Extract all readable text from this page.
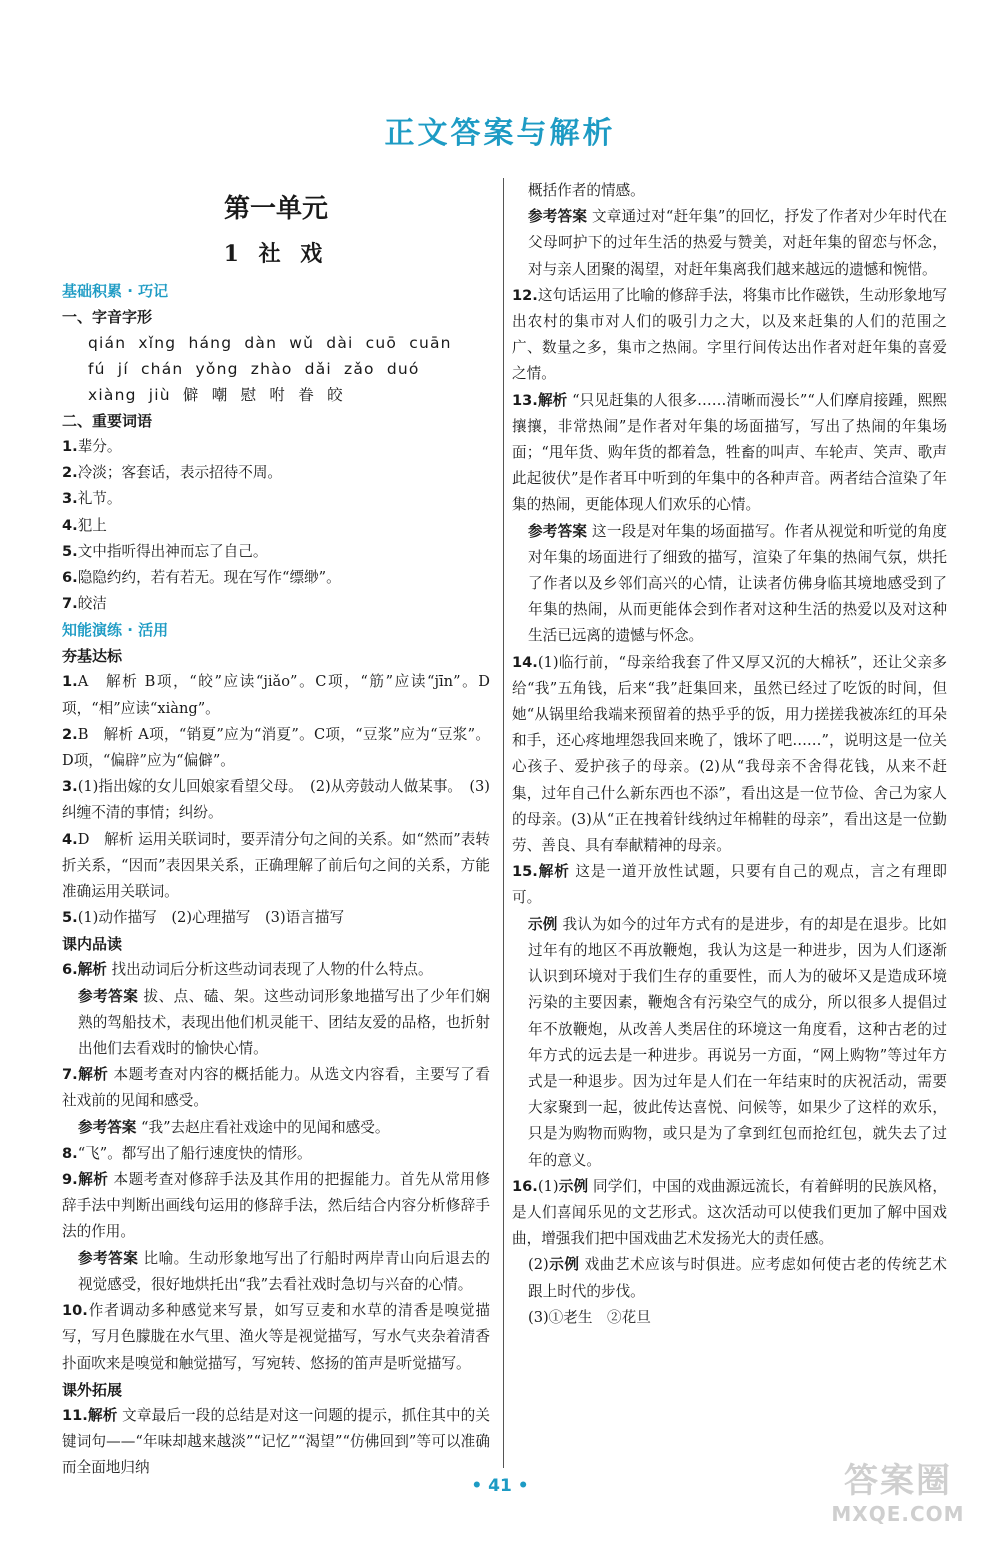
正文答案与解析
第一单元
1 社 戏
基础积累 · 巧记
一、字音字形
qián xǐng háng dàn wǔ dài cuō cuān
fú jí chán yǒng zhào dǎi zǎo duó
xiàng jiù 僻 嘲 慰 咐 眷 皎
二、重要词语
1.辈分。
2.冷淡；客套话，表示招待不周。
3.礼节。
4.犯上
5.文中指听得出神而忘了自己。
6.隐隐约约，若有若无。现在写作“缥缈”。
7.皎洁
知能演练 · 活用
夯基达标
1.A　解析 B项，“皎”应读“jiǎo”。C项，“筋”应读“jīn”。D项，“相”应读“xiàng”。
2.B　解析 A项，“销夏”应为“消夏”。C项，“豆浆”应为“豆浆”。D项，“偏辟”应为“偏僻”。
3.(1)指出嫁的女儿回娘家看望父母。　(2)从旁鼓动人做某事。　(3)纠缠不清的事情；纠纷。
4.D　解析 运用关联词时，要弄清分句之间的关系。如“然而”表转折关系，“因而”表因果关系，正确理解了前后句之间的关系，方能准确运用关联词。
5.(1)动作描写　(2)心理描写　(3)语言描写
课内品读
6.解析 找出动词后分析这些动词表现了人物的什么特点。
参考答案 拔、点、磕、架。这些动词形象地描写出了少年们娴熟的驾船技术，表现出他们机灵能干、团结友爱的品格，也折射出他们去看戏时的愉快心情。
7.解析 本题考查对内容的概括能力。从选文内容看，主要写了看社戏前的见闻和感受。
参考答案 “我”去赵庄看社戏途中的见闻和感受。
8.“飞”。都写出了船行速度快的情形。
9.解析 本题考查对修辞手法及其作用的把握能力。首先从常用修辞手法中判断出画线句运用的修辞手法，然后结合内容分析修辞手法的作用。
参考答案 比喻。生动形象地写出了行船时两岸青山向后退去的视觉感受，很好地烘托出“我”去看社戏时急切与兴奋的心情。
10.作者调动多种感觉来写景，如写豆麦和水草的清香是嗅觉描写，写月色朦胧在水气里、渔火等是视觉描写，写水气夹杂着清香扑面吹来是嗅觉和触觉描写，写宛转、悠扬的笛声是听觉描写。
课外拓展
11.解析 文章最后一段的总结是对这一问题的提示，抓住其中的关键词句——“年味却越来越淡”“记忆”“渴望”“仿佛回到”等可以准确而全面地归纳
概括作者的情感。
参考答案 文章通过对“赶年集”的回忆，抒发了作者对少年时代在父母呵护下的过年生活的热爱与赞美，对赶年集的留恋与怀念，对与亲人团聚的渴望，对赶年集离我们越来越远的遗憾和惋惜。
12.这句话运用了比喻的修辞手法，将集市比作磁铁，生动形象地写出农村的集市对人们的吸引力之大，以及来赶集的人们的范围之广、数量之多，集市之热闹。字里行间传达出作者对赶年集的喜爱之情。
13.解析 “只见赶集的人很多……清晰而漫长”“人们摩肩接踵，熙熙攘攘，非常热闹”是作者对年集的场面描写，写出了热闹的年集场面；“甩年货、购年货的都着急，牲畜的叫声、车轮声、笑声、歌声此起彼伏”是作者耳中听到的年集中的各种声音。两者结合渲染了年集的热闹，更能体现人们欢乐的心情。
参考答案 这一段是对年集的场面描写。作者从视觉和听觉的角度对年集的场面进行了细致的描写，渲染了年集的热闹气氛，烘托了作者以及乡邻们高兴的心情，让读者仿佛身临其境地感受到了年集的热闹，从而更能体会到作者对这种生活的热爱以及对这种生活已远离的遗憾与怀念。
14.(1)临行前，“母亲给我套了件又厚又沉的大棉袄”，还让父亲多给“我”五角钱，后来“我”赶集回来，虽然已经过了吃饭的时间，但她“从锅里给我端来预留着的热乎乎的饭，用力搓搓我被冻红的耳朵和手，还心疼地埋怨我回来晚了，饿坏了吧……”，说明这是一位关心孩子、爱护孩子的母亲。(2)从“我母亲不舍得花钱，从来不赶集，过年自己什么新东西也不添”，看出这是一位节俭、舍己为家人的母亲。(3)从“正在拽着针线纳过年棉鞋的母亲”，看出这是一位勤劳、善良、具有奉献精神的母亲。
15.解析 这是一道开放性试题，只要有自己的观点，言之有理即可。
示例 我认为如今的过年方式有的是进步，有的却是在退步。比如过年有的地区不再放鞭炮，我认为这是一种进步，因为人们逐渐认识到环境对于我们生存的重要性，而人为的破坏又是造成环境污染的主要因素，鞭炮含有污染空气的成分，所以很多人提倡过年不放鞭炮，从改善人类居住的环境这一角度看，这种古老的过年方式的远去是一种进步。再说另一方面，“网上购物”等过年方式是一种退步。因为过年是人们在一年结束时的庆祝活动，需要大家聚到一起，彼此传达喜悦、问候等，如果少了这样的欢乐，只是为购物而购物，或只是为了拿到红包而抢红包，就失去了过年的意义。
16.(1)示例 同学们，中国的戏曲源远流长，有着鲜明的民族风格，是人们喜闻乐见的文艺形式。这次活动可以使我们更加了解中国戏曲，增强我们把中国戏曲艺术发扬光大的责任感。
(2)示例 戏曲艺术应该与时俱进。应考虑如何使古老的传统艺术跟上时代的步伐。
(3)①老生　②花旦
• 41 •	答案圈
MXQE.COM
